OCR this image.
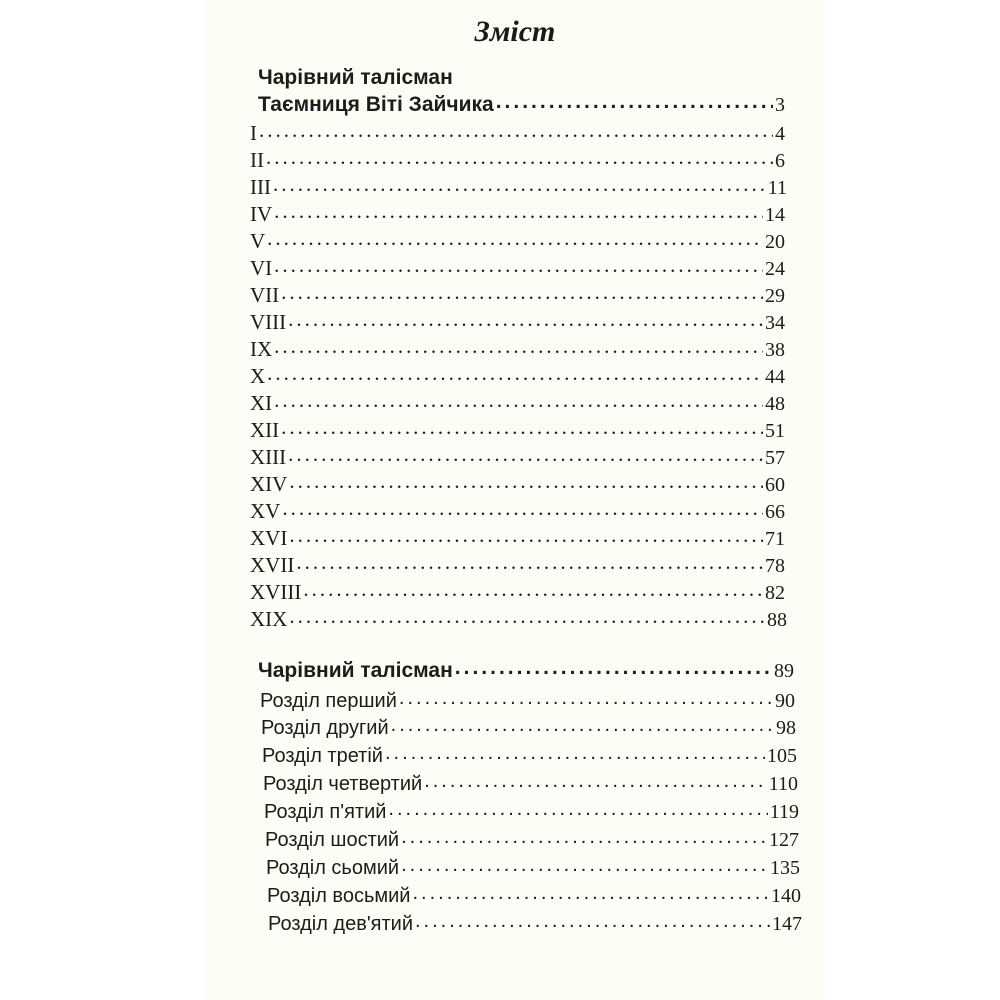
Зміст
Чарівний талісман
Таємниця Віті Зайчика .....	3
I .....	4
II .....	6
III .....	11
IV .....	14
V .....	20
VI .....	24
VII .....	29
VIII .....	34
IX .....	38
X .....	44
XI .....	48
XII .....	51
XIII .....	57
XIV .....	60
XV .....	66
XVI .....	71
XVII .....	78
XVIII .....	82
XIX .....	88
Чарівний талісман .....	89
Розділ перший .....	90
Розділ другий .....	98
Розділ третій .....	105
Розділ четвертий .....	110
Розділ п'ятий .....	119
Розділ шостий .....	127
Розділ сьомий .....	135
Розділ восьмий .....	140
Розділ дев'ятий .....	147
